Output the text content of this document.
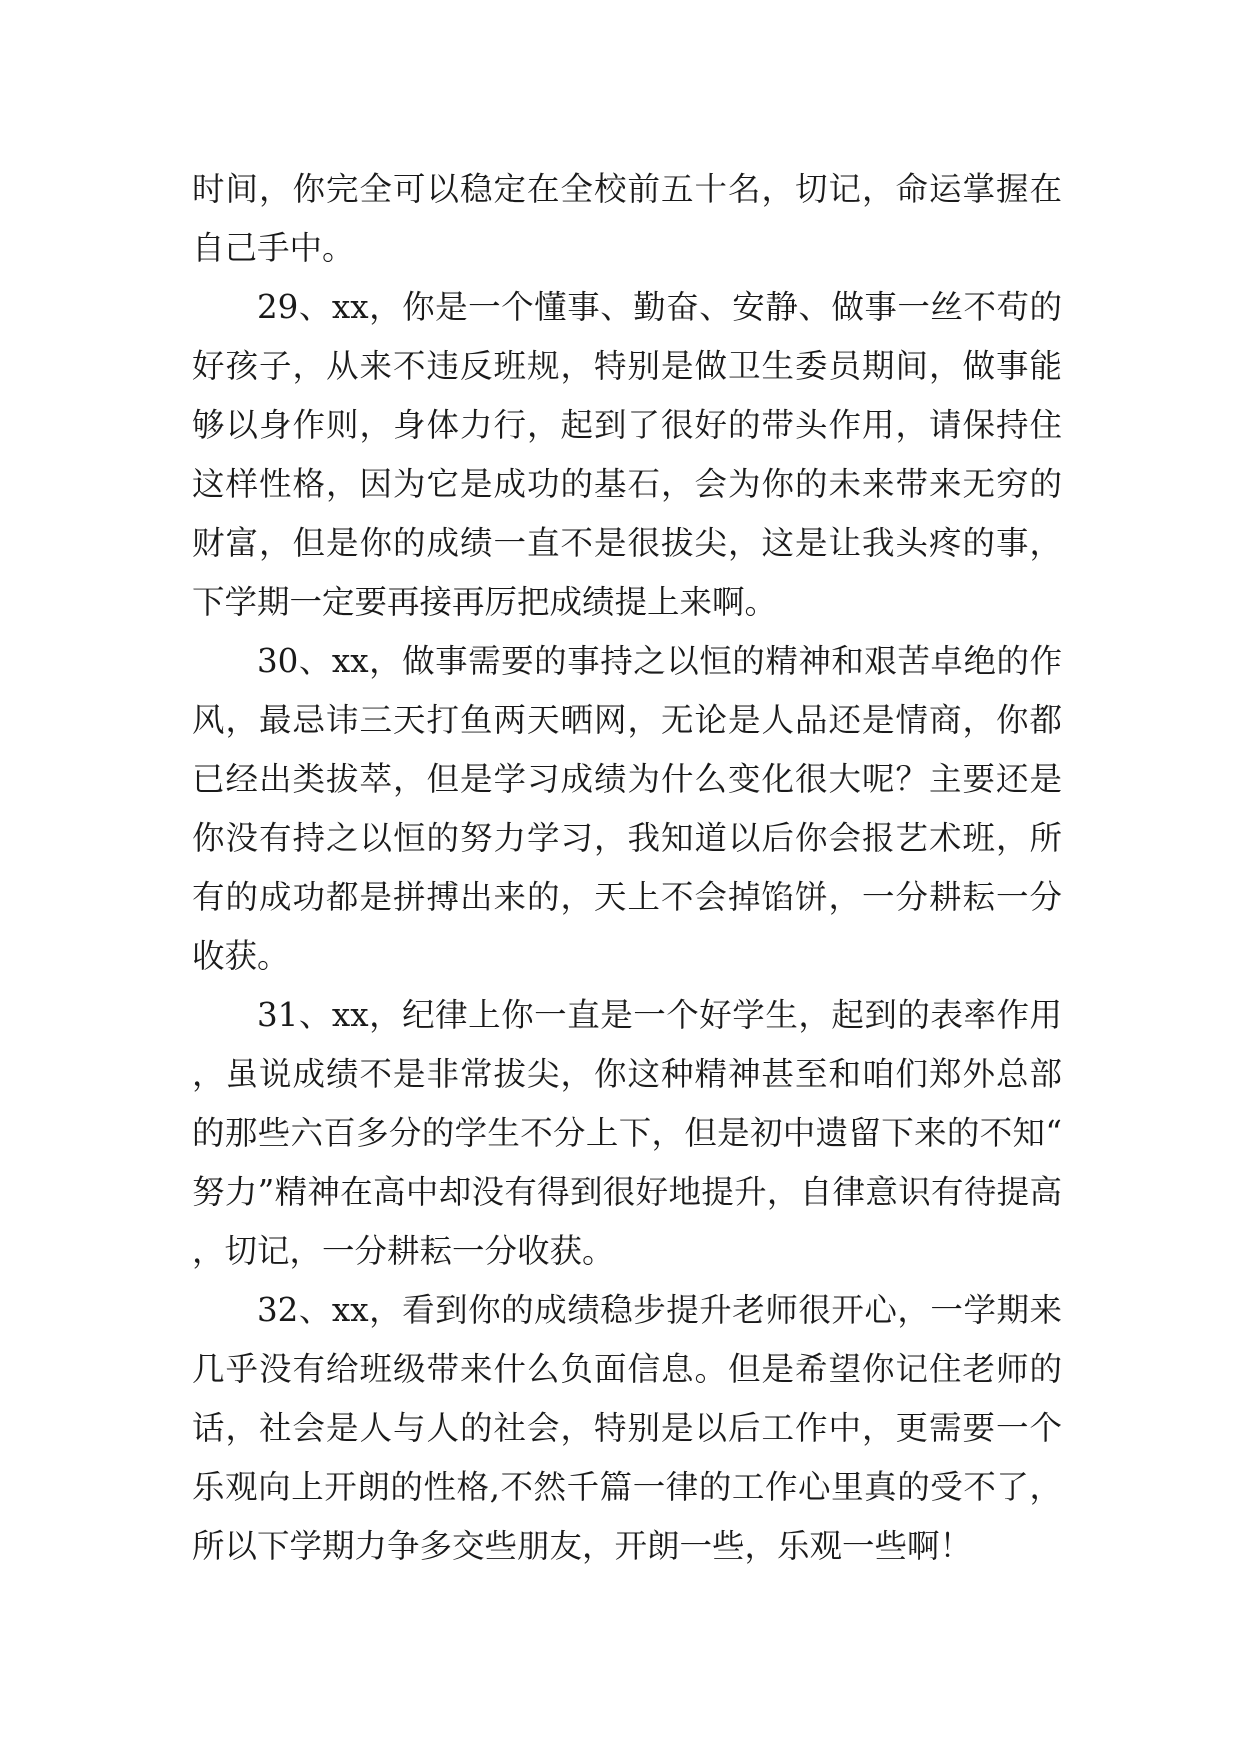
时间，你完全可以稳定在全校前五十名，切记，命运掌握在自己手中。

29、xx，你是一个懂事、勤奋、安静、做事一丝不苟的好孩子，从来不违反班规，特别是做卫生委员期间，做事能够以身作则，身体力行，起到了很好的带头作用，请保持住这样性格，因为它是成功的基石，会为你的未来带来无穷的财富，但是你的成绩一直不是很拔尖，这是让我头疼的事，下学期一定要再接再厉把成绩提上来啊。

30、xx，做事需要的事持之以恒的精神和艰苦卓绝的作风，最忌讳三天打鱼两天晒网，无论是人品还是情商，你都已经出类拔萃，但是学习成绩为什么变化很大呢？主要还是你没有持之以恒的努力学习，我知道以后你会报艺术班，所有的成功都是拼搏出来的，天上不会掉馅饼，一分耕耘一分收获。

31、xx，纪律上你一直是一个好学生，起到的表率作用，虽说成绩不是非常拔尖，你这种精神甚至和咱们郑外总部的那些六百多分的学生不分上下，但是初中遗留下来的不知“努力”精神在高中却没有得到很好地提升，自律意识有待提高，切记，一分耕耘一分收获。

32、xx，看到你的成绩稳步提升老师很开心，一学期来几乎没有给班级带来什么负面信息。但是希望你记住老师的话，社会是人与人的社会，特别是以后工作中，更需要一个乐观向上开朗的性格,不然千篇一律的工作心里真的受不了，所以下学期力争多交些朋友，开朗一些，乐观一些啊！
